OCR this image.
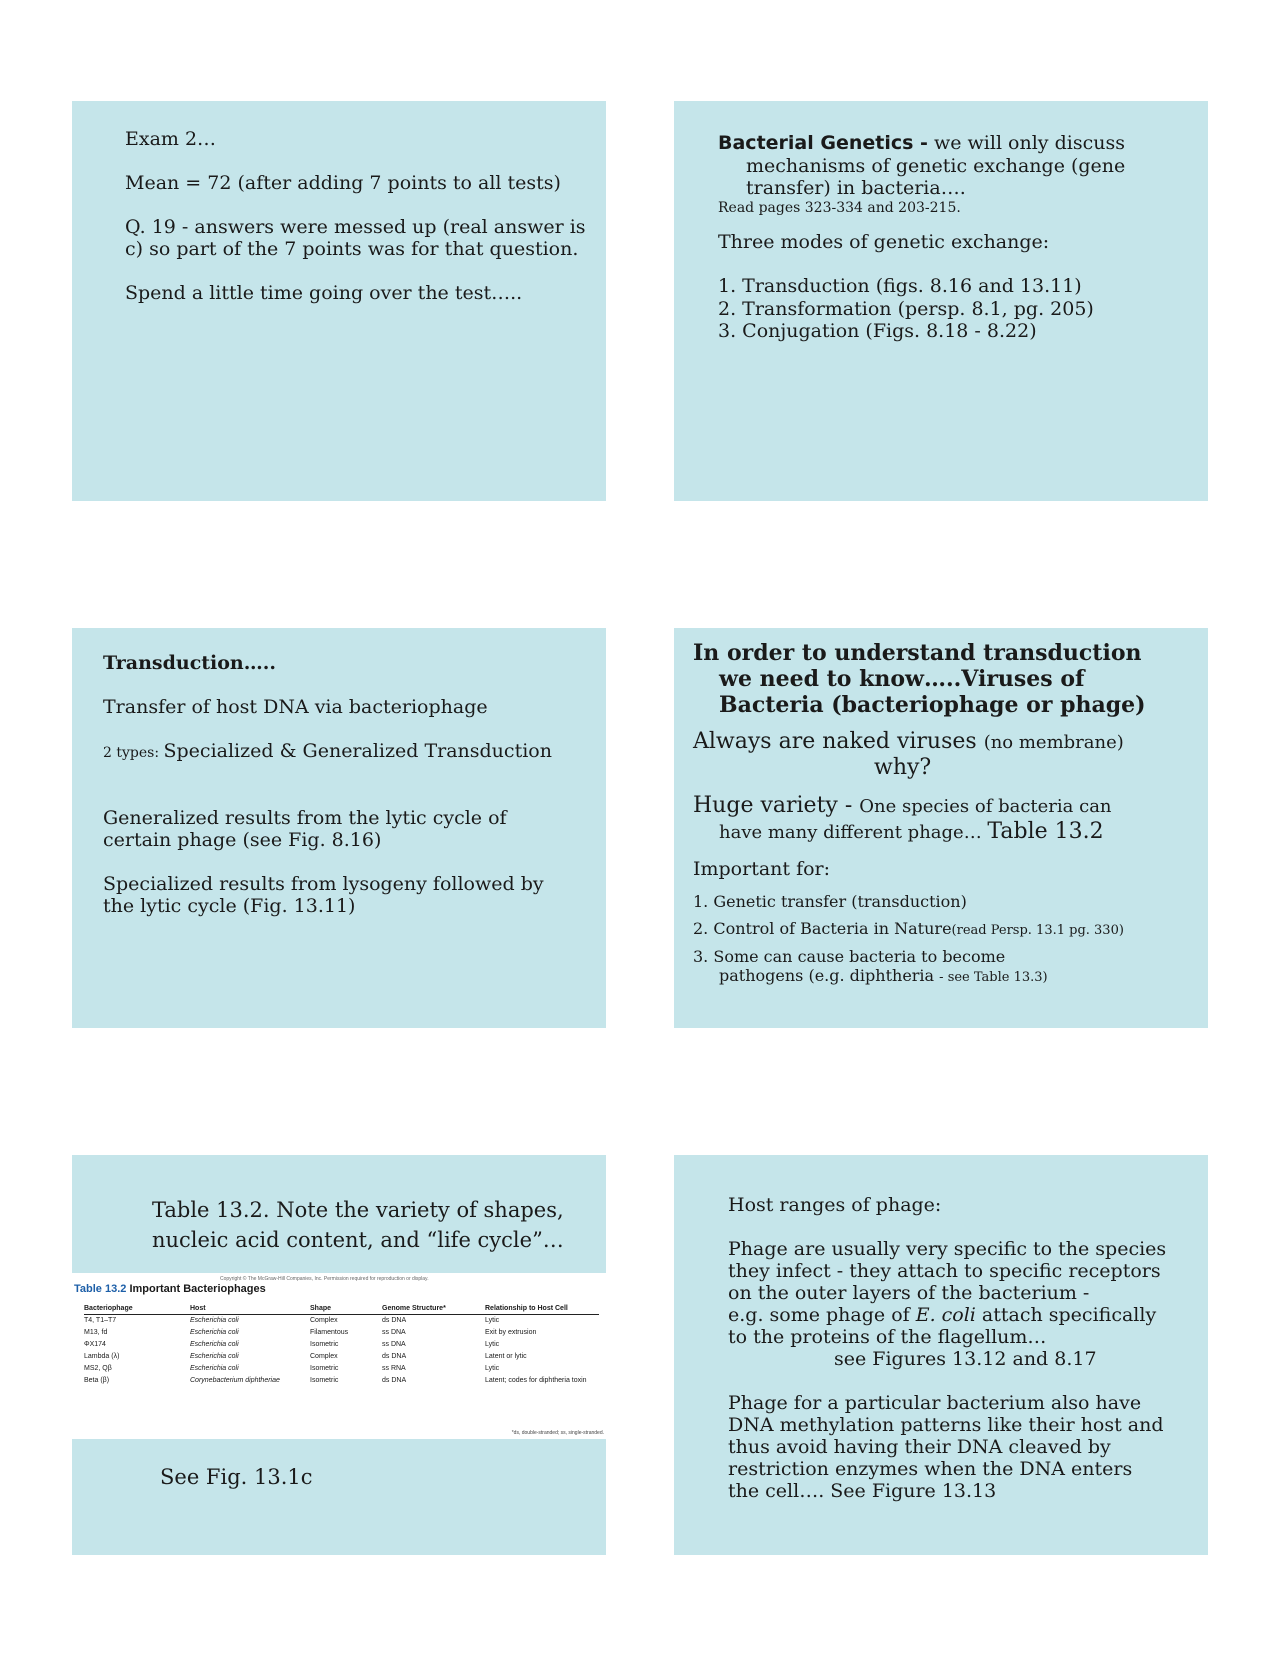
Exam 2…

Mean = 72 (after adding 7 points to all tests)

Q. 19 - answers were messed up (real answer is

c) so part of the 7 points was for that question.

Spend a little time going over the test…..

Bacterial Genetics - we will only discuss

mechanisms of genetic exchange (gene

transfer) in bacteria….

Read pages 323-334 and 203-215.

Three modes of genetic exchange:

1. Transduction (figs. 8.16 and 13.11)
2. Transformation (persp. 8.1, pg. 205)
3. Conjugation (Figs. 8.18 - 8.22)

Transduction…..

Transfer of host DNA via bacteriophage

2 types: Specialized & Generalized Transduction

Generalized results from the lytic cycle of

certain phage (see Fig. 8.16)

Specialized results from lysogeny followed by

the lytic cycle (Fig. 13.11)

In order to understand transduction

we need to know…..Viruses of

Bacteria (bacteriophage or phage)

Always are naked viruses (no membrane)

why?

Huge variety - One species of bacteria can

have many different phage… Table 13.2

Important for:

1. Genetic transfer (transduction)
2. Control of Bacteria in Nature(read Persp. 13.1 pg. 330)
3. Some can cause bacteria to become
pathogens (e.g. diphtheria - see Table 13.3)

Table 13.2. Note the variety of shapes,

nucleic acid content, and “life cycle”…

Copyright © The McGraw-Hill Companies, Inc. Permission required for reproduction or display.
Table 13.2 Important Bacteriophages
Bacteriophage	Host	Shape	Genome Structure*	Relationship to Host Cell
T4, T1–T7	Escherichia coli	Complex	ds DNA	Lytic
M13, fd	Escherichia coli	Filamentous	ss DNA	Exit by extrusion
ΦX174	Escherichia coli	Isometric	ss DNA	Lytic
Lambda (λ)	Escherichia coli	Complex	ds DNA	Latent or lytic
MS2, Qβ	Escherichia coli	Isometric	ss RNA	Lytic
Beta (β)	Corynebacterium diphtheriae	Isometric	ds DNA	Latent; codes for diphtheria toxin
*ds, double-stranded; ss, single-stranded.

See Fig. 13.1c

Host ranges of phage:

Phage are usually very specific to the species

they infect - they attach to specific receptors

on the outer layers of the bacterium -

e.g. some phage of E. coli attach specifically

to the proteins of the flagellum…

see Figures 13.12 and 8.17

Phage for a particular bacterium also have

DNA methylation patterns like their host and

thus avoid having their DNA cleaved by

restriction enzymes when the DNA enters

the cell…. See Figure 13.13
